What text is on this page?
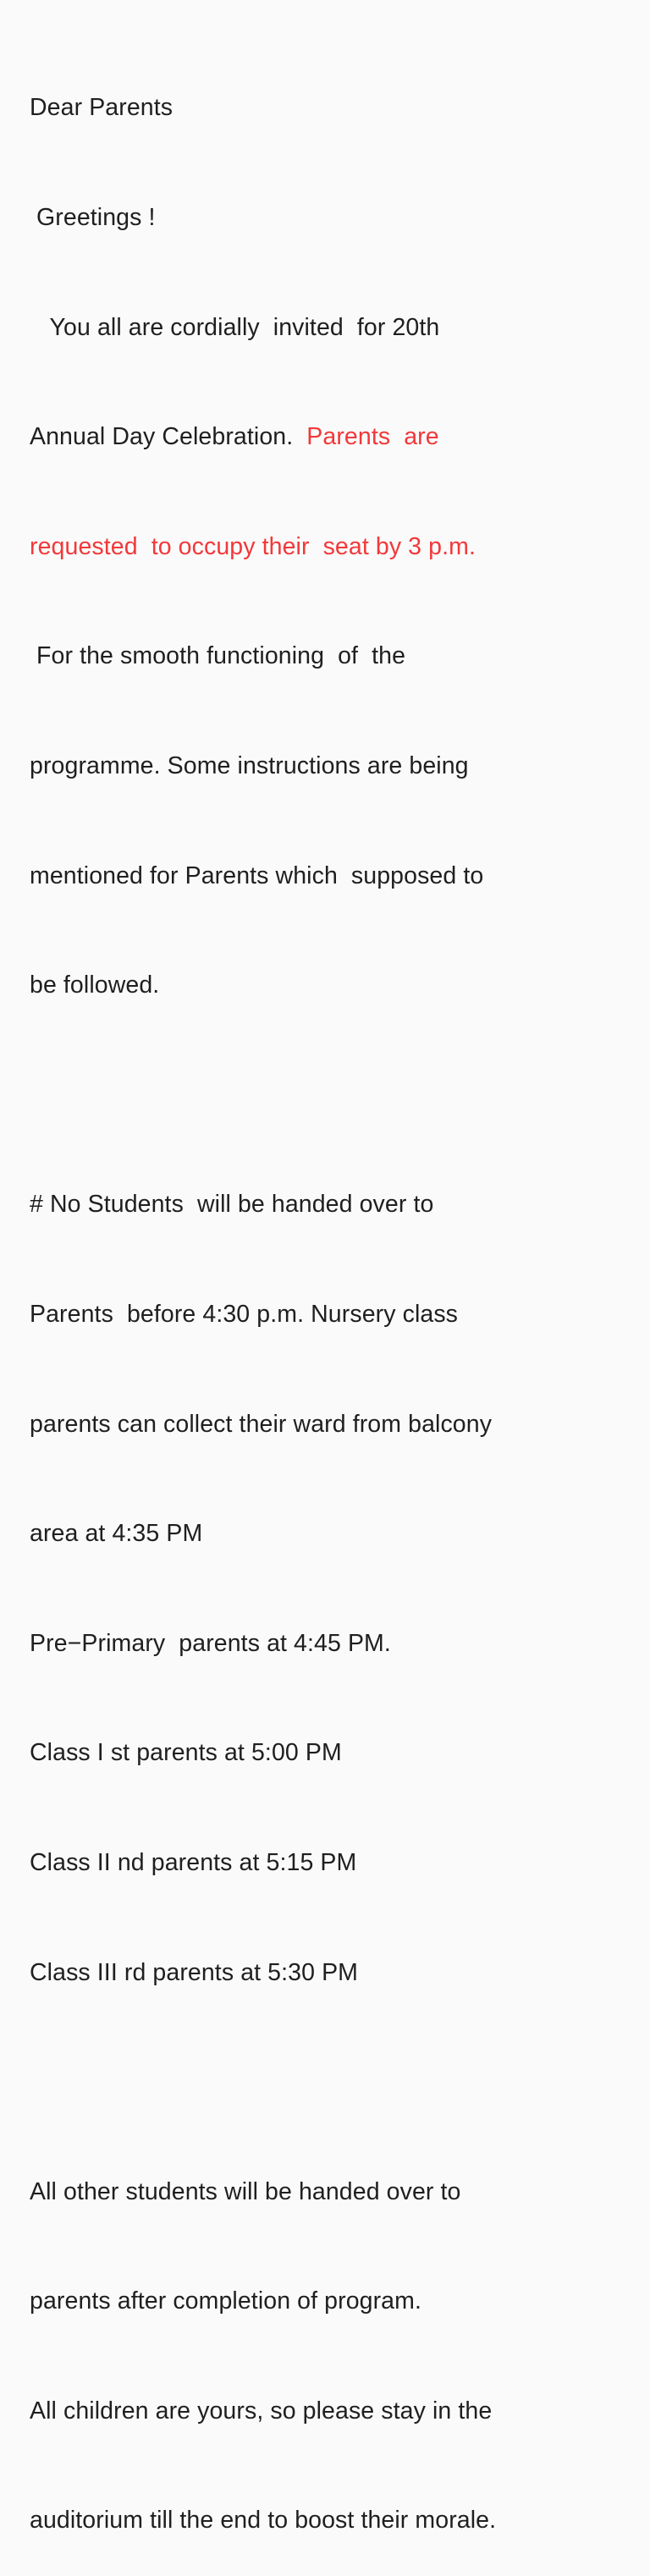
Dear Parents

Greetings !

You all are cordially  invited  for 20th

Annual Day Celebration.  Parents  are

requested  to occupy their  seat by 3 p.m.

For the smooth functioning  of  the

programme. Some instructions are being

mentioned for Parents which  supposed to

be followed.

# No Students  will be handed over to

Parents  before 4:30 p.m. Nursery class

parents can collect their ward from balcony

area at 4:35 PM

Pre−Primary  parents at 4:45 PM.

Class I st parents at 5:00 PM

Class II nd parents at 5:15 PM

Class III rd parents at 5:30 PM

All other students will be handed over to

parents after completion of program.

All children are yours, so please stay in the

auditorium till the end to boost their morale.
